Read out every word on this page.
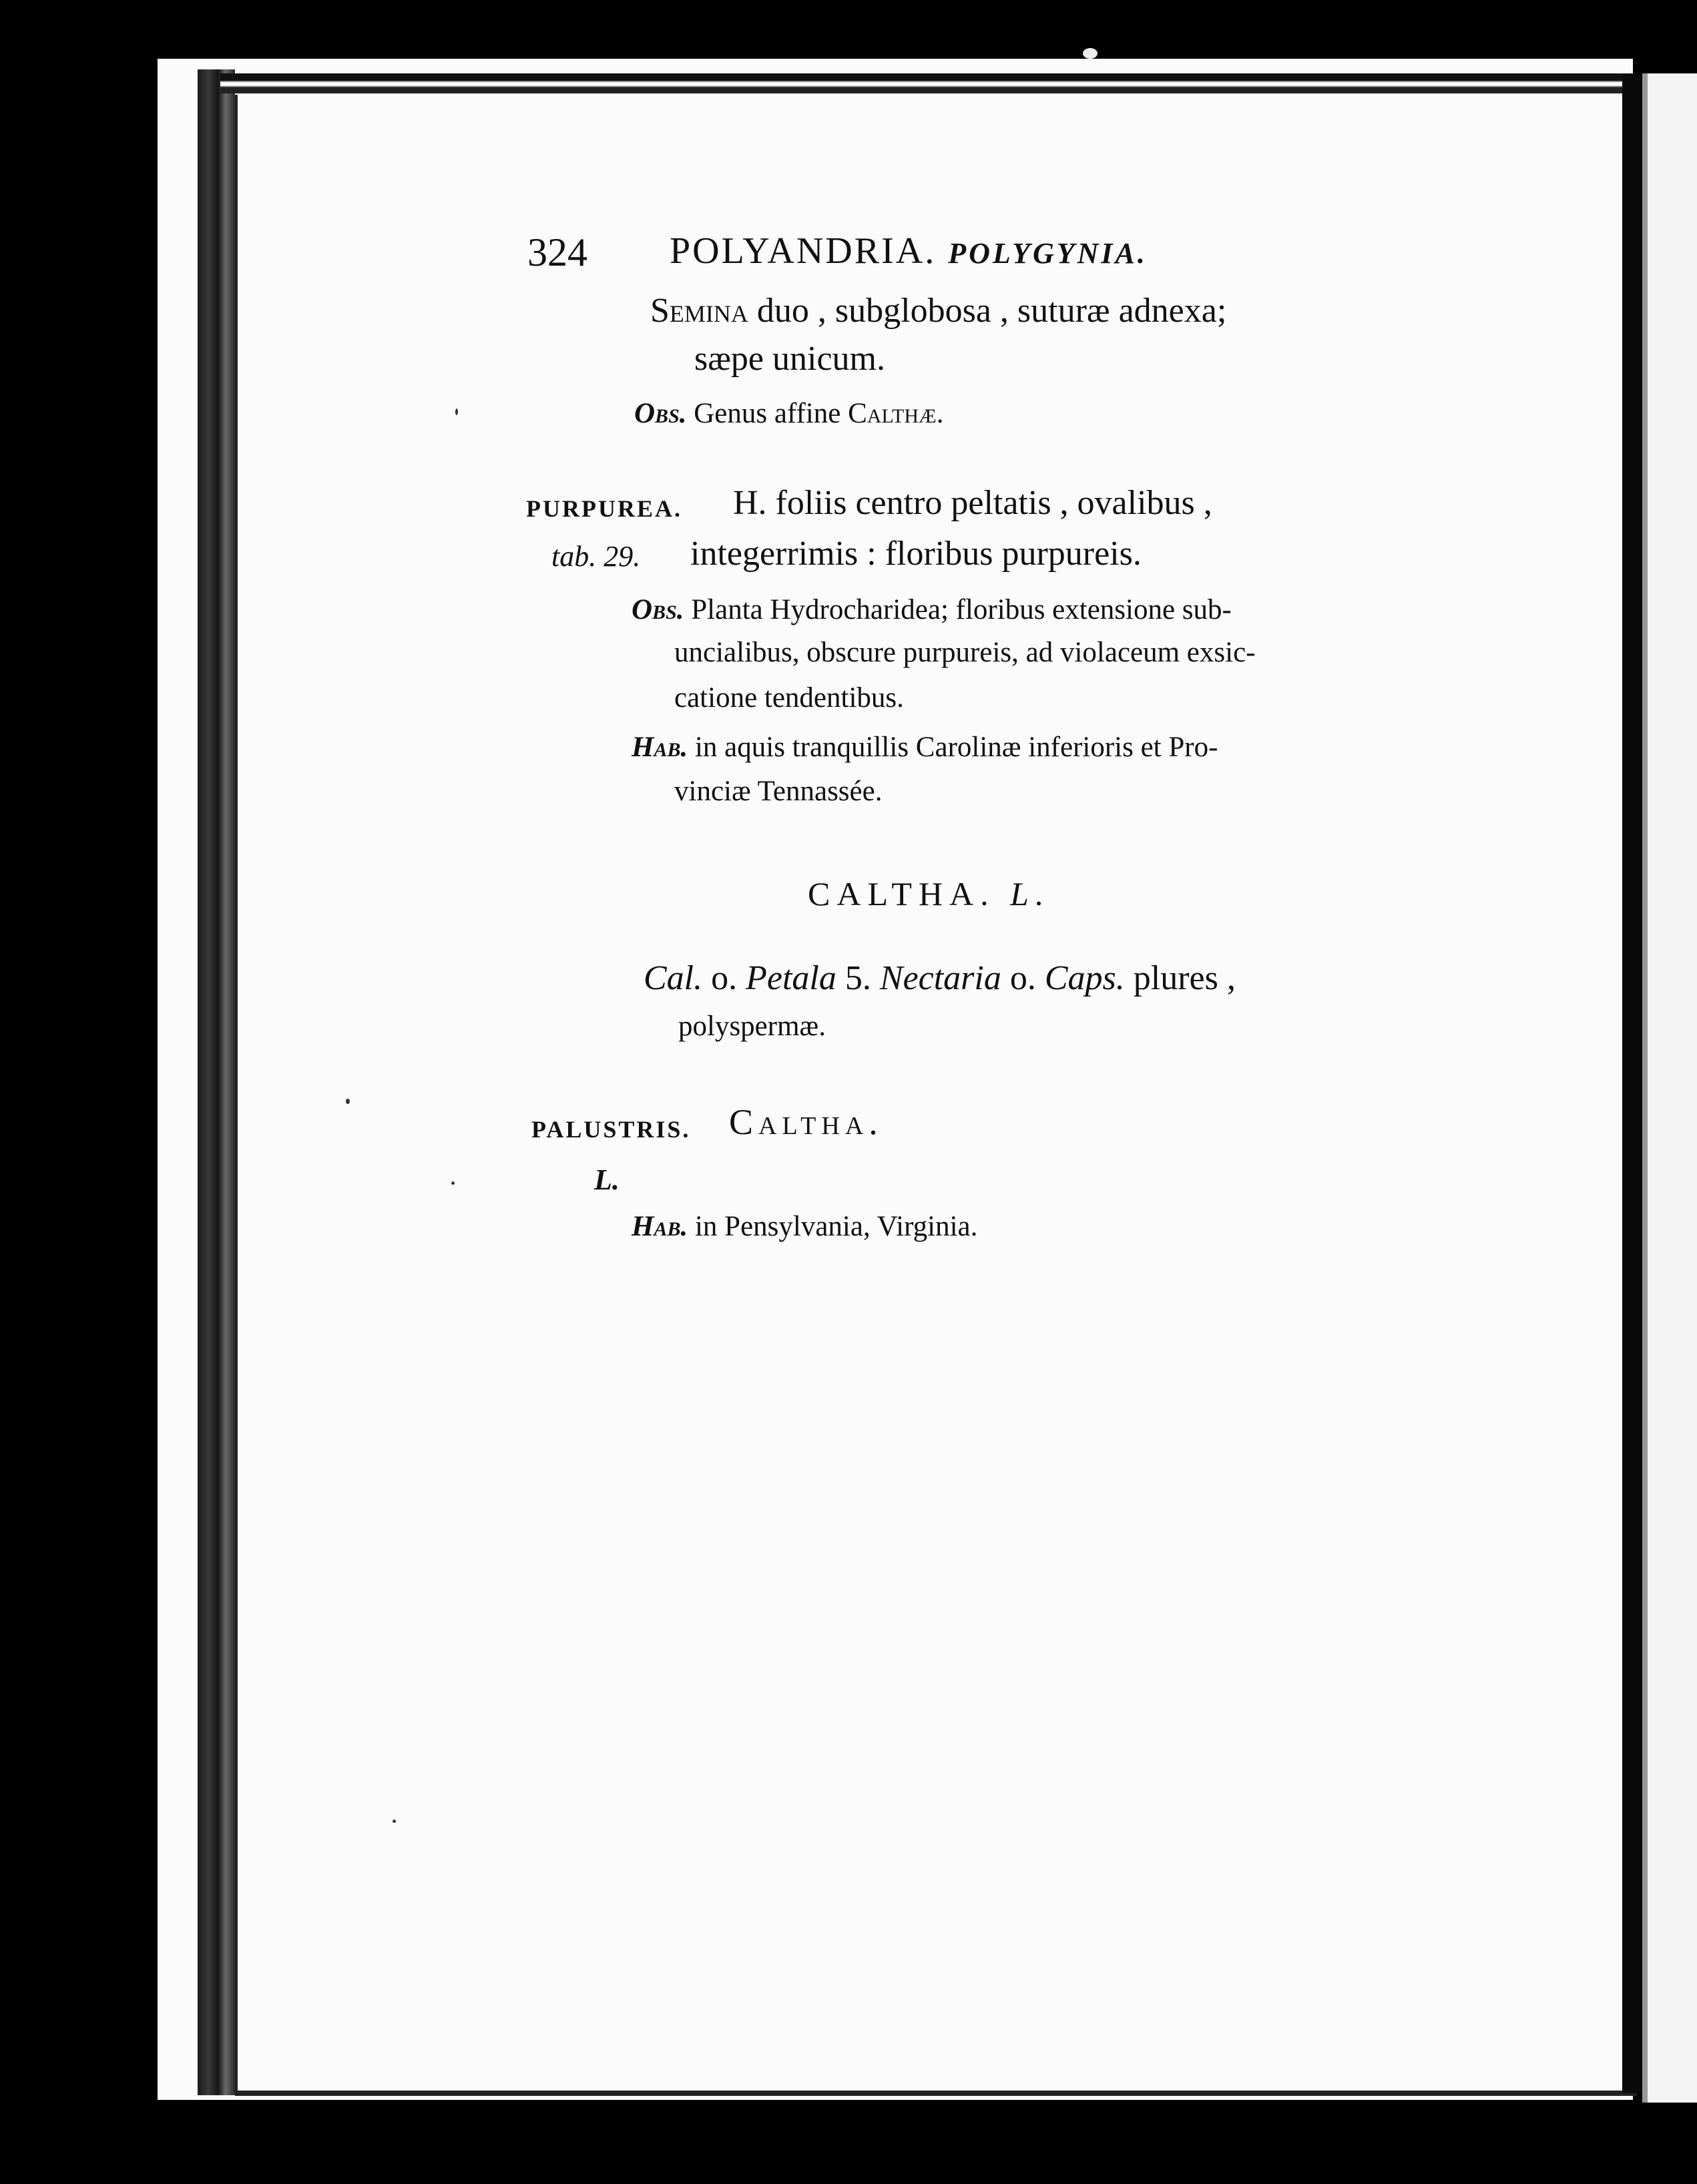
324 POLYANDRIA. POLYGYNIA.
Semina duo , subglobosa , suturæ adnexa;
sæpe unicum.
Obs. Genus affine Calthæ.
PURPUREA. H. foliis centro peltatis , ovalibus ,
tab. 29. integerrimis : floribus purpureis.
Obs. Planta Hydrocharidea; floribus extensione sub-
uncialibus, obscure purpureis, ad violaceum exsic-
catione tendentibus.
Hab. in aquis tranquillis Carolinæ inferioris et Pro-
vinciæ Tennassée.
CALTHA. L.
Cal. o. Petala 5. Nectaria o. Caps. plures ,
polyspermæ.
PALUSTRIS. Caltha.
L.
Hab. in Pensylvania, Virginia.
